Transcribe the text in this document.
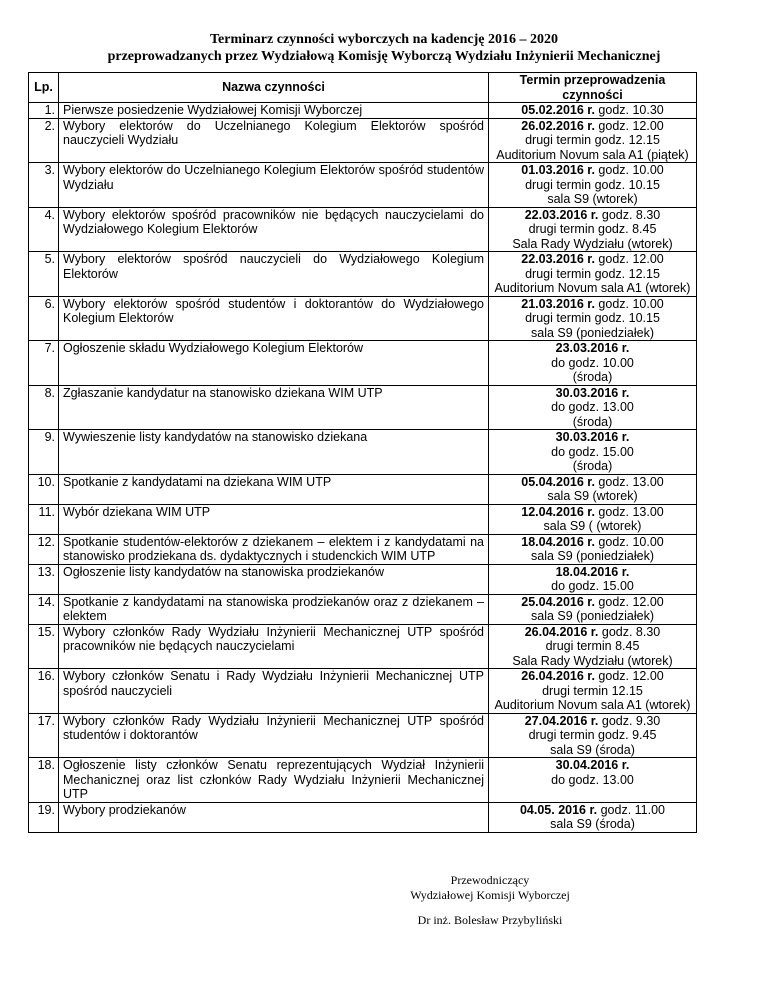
Terminarz czynności wyborczych na kadencję 2016 – 2020
przeprowadzanych przez Wydziałową Komisję Wyborczą Wydziału Inżynierii Mechanicznej
Lp.	Nazwa czynności	Termin przeprowadzenia czynności
1.	Pierwsze posiedzenie Wydziałowej Komisji Wyborczej	05.02.2016 r. godz. 10.30
2.	Wybory elektorów do Uczelnianego Kolegium Elektorów spośród nauczycieli Wydziału	26.02.2016 r. godz. 12.00
drugi termin godz. 12.15
Auditorium Novum sala A1 (piątek)
3.	Wybory elektorów do Uczelnianego Kolegium Elektorów spośród studentów Wydziału	01.03.2016 r. godz. 10.00
drugi termin godz. 10.15
sala S9 (wtorek)
4.	Wybory elektorów spośród pracowników nie będących nauczycielami do Wydziałowego Kolegium Elektorów	22.03.2016 r. godz. 8.30
drugi termin godz. 8.45
Sala Rady Wydziału (wtorek)
5.	Wybory elektorów spośród nauczycieli do Wydziałowego Kolegium Elektorów	22.03.2016 r. godz. 12.00
drugi termin godz. 12.15
Auditorium Novum sala A1 (wtorek)
6.	Wybory elektorów spośród studentów i doktorantów do Wydziałowego Kolegium Elektorów	21.03.2016 r. godz. 10.00
drugi termin godz. 10.15
sala S9 (poniedziałek)
7.	Ogłoszenie składu Wydziałowego Kolegium Elektorów	23.03.2016 r.
do godz. 10.00
(środa)
8.	Zgłaszanie kandydatur na stanowisko dziekana WIM UTP	30.03.2016 r.
do godz. 13.00
(środa)
9.	Wywieszenie listy kandydatów na stanowisko dziekana	30.03.2016 r.
do godz. 15.00
(środa)
10.	Spotkanie z kandydatami na dziekana WIM UTP	05.04.2016 r. godz. 13.00
sala S9 (wtorek)
11.	Wybór dziekana WIM UTP	12.04.2016 r. godz. 13.00
sala S9 ( (wtorek)
12.	Spotkanie studentów-elektorów z dziekanem – elektem i z kandydatami na stanowisko prodziekana ds. dydaktycznych i studenckich WIM UTP	18.04.2016 r. godz. 10.00
sala S9 (poniedziałek)
13.	Ogłoszenie listy kandydatów na stanowiska prodziekanów	18.04.2016 r.
do godz. 15.00
14.	Spotkanie z kandydatami na stanowiska prodziekanów oraz z dziekanem – elektem	25.04.2016 r. godz. 12.00
sala S9 (poniedziałek)
15.	Wybory członków Rady Wydziału Inżynierii Mechanicznej UTP spośród pracowników nie będących nauczycielami	26.04.2016 r. godz. 8.30
drugi termin 8.45
Sala Rady Wydziału (wtorek)
16.	Wybory członków Senatu i Rady Wydziału Inżynierii Mechanicznej UTP spośród nauczycieli	26.04.2016 r. godz. 12.00
drugi termin 12.15
Auditorium Novum sala A1 (wtorek)
17.	Wybory członków Rady Wydziału Inżynierii Mechanicznej UTP spośród studentów i doktorantów	27.04.2016 r. godz. 9.30
drugi termin godz. 9.45
sala S9 (środa)
18.	Ogłoszenie listy członków Senatu reprezentujących Wydział Inżynierii Mechanicznej oraz list członków Rady Wydziału Inżynierii Mechanicznej UTP	30.04.2016 r.
do godz. 13.00
19.	Wybory prodziekanów	04.05. 2016 r. godz. 11.00
sala S9 (środa)
Przewodniczący
Wydziałowej Komisji Wyborczej
Dr inż. Bolesław Przybyliński
